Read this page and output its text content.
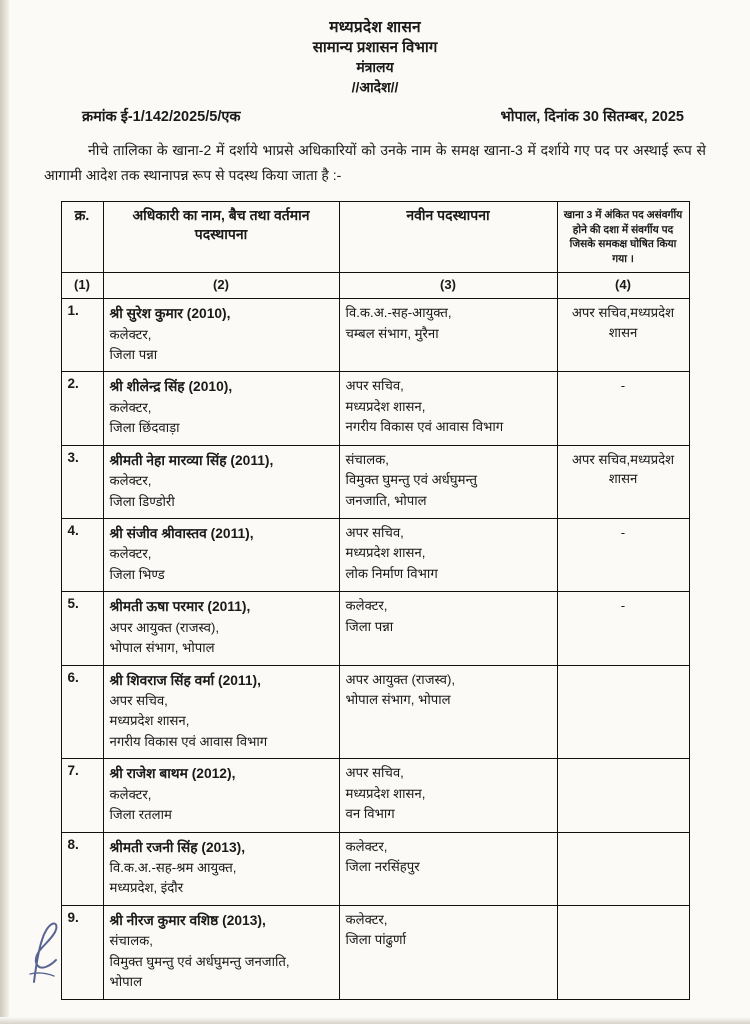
मध्यप्रदेश शासन
सामान्य प्रशासन विभाग
मंत्रालय
//आदेश//
क्रमांक ई-1/142/2025/5/एक	भोपाल, दिनांक 30 सितम्बर, 2025
नीचे तालिका के खाना-2 में दर्शाये भाप्रसे अधिकारियों को उनके नाम के समक्ष खाना-3 में दर्शाये गए पद पर अस्थाई रूप से आगामी आदेश तक स्थानापन्न रूप से पदस्थ किया जाता है :-
क्र.	अधिकारी का नाम, बैच तथा वर्तमान पदस्थापना	नवीन पदस्थापना	खाना 3 में अंकित पद असंवर्गीय होने की दशा में संवर्गीय पद जिसके समकक्ष घोषित किया गया ।
(1)	(2)	(3)	(4)
1.	श्री सुरेश कुमार (2010),
कलेक्टर,
जिला पन्ना	वि.क.अ.-सह-आयुक्त,
चम्बल संभाग, मुरैना	अपर सचिव,मध्यप्रदेश शासन
2.	श्री शीलेन्द्र सिंह (2010),
कलेक्टर,
जिला छिंदवाड़ा	अपर सचिव,
मध्यप्रदेश शासन,
नगरीय विकास एवं आवास विभाग	-
3.	श्रीमती नेहा मारव्या सिंह (2011),
कलेक्टर,
जिला डिण्डोरी	संचालक,
विमुक्त घुमन्तु एवं अर्धघुमन्तु
जनजाति, भोपाल	अपर सचिव,मध्यप्रदेश शासन
4.	श्री संजीव श्रीवास्तव (2011),
कलेक्टर,
जिला भिण्ड	अपर सचिव,
मध्यप्रदेश शासन,
लोक निर्माण विभाग	-
5.	श्रीमती ऊषा परमार (2011),
अपर आयुक्त (राजस्व),
भोपाल संभाग, भोपाल	कलेक्टर,
जिला पन्ना	-
6.	श्री शिवराज सिंह वर्मा (2011),
अपर सचिव,
मध्यप्रदेश शासन,
नगरीय विकास एवं आवास विभाग	अपर आयुक्त (राजस्व),
भोपाल संभाग, भोपाल	

7.	श्री राजेश बाथम (2012),
कलेक्टर,
जिला रतलाम	अपर सचिव,
मध्यप्रदेश शासन,
वन विभाग	

8.	श्रीमती रजनी सिंह (2013),
वि.क.अ.-सह-श्रम आयुक्त,
मध्यप्रदेश, इंदौर	कलेक्टर,
जिला नरसिंहपुर	

9.	श्री नीरज कुमार वशिष्ठ (2013),
संचालक,
विमुक्त घुमन्तु एवं अर्धघुमन्तु जनजाति,
भोपाल	कलेक्टर,
जिला पांढुर्णा	
